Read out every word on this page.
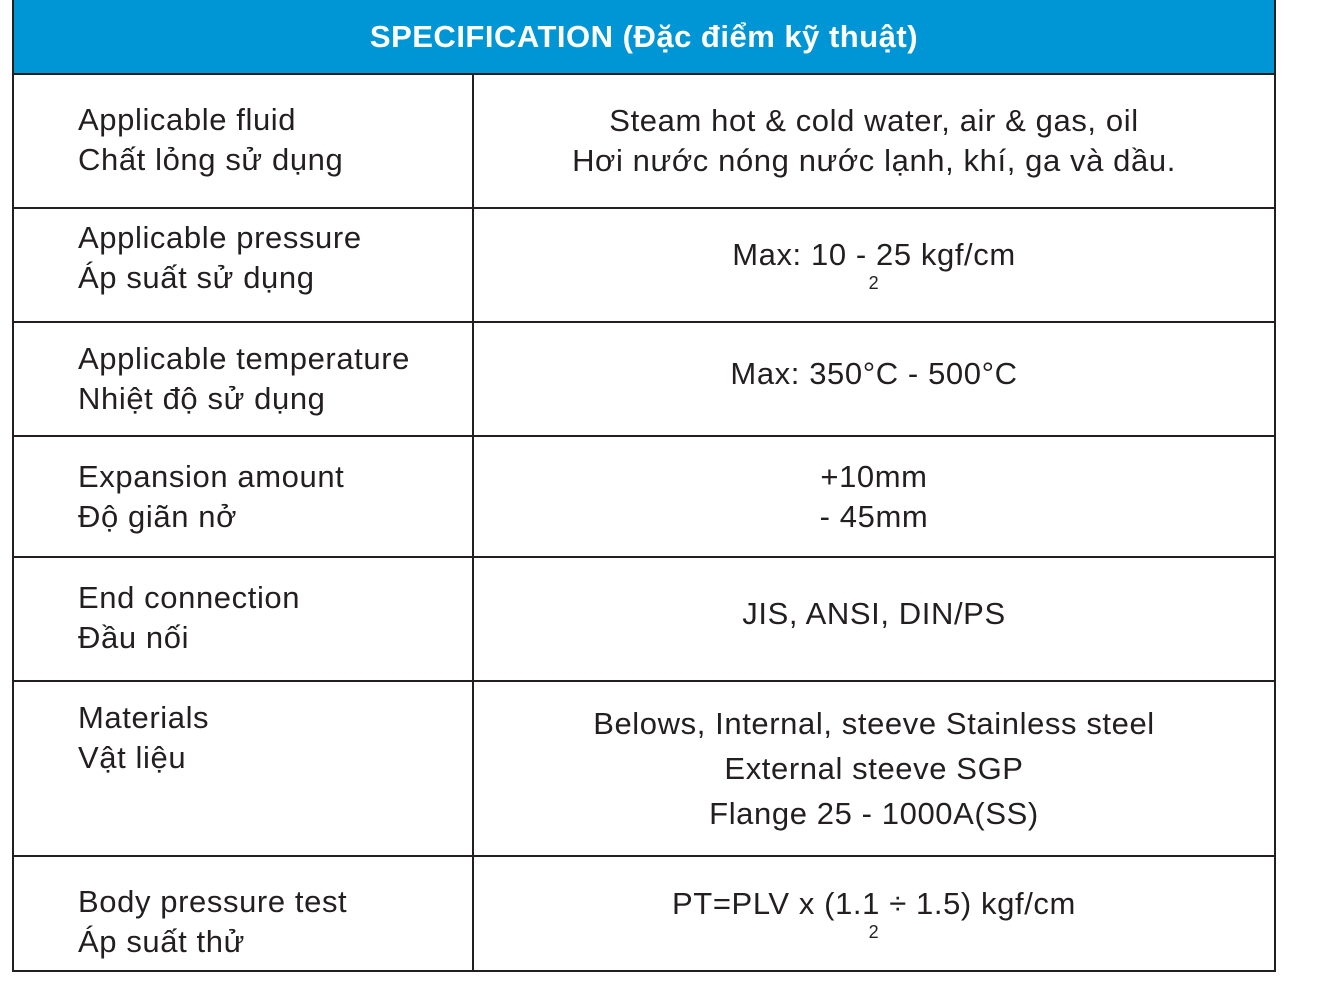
SPECIFICATION (Đặc điểm kỹ thuật)
Applicable fluid
Chất lỏng sử dụng
Steam hot & cold water, air & gas, oil
Hơi nước nóng nước lạnh, khí, ga và dầu.
Applicable pressure
Áp suất sử dụng
Max: 10 - 25 kgf/cm
2
Applicable temperature
Nhiệt độ sử dụng
Max: 350°C - 500°C
Expansion amount
Độ giãn nở
+10mm
- 45mm
End connection
Đầu nối
JIS, ANSI, DIN/PS
Materials
Vật liệu
Belows, Internal, steeve Stainless steel
External steeve SGP
Flange 25 - 1000A(SS)
Body pressure test
Áp suất thử
PT=PLV x (1.1 ÷ 1.5) kgf/cm
2
